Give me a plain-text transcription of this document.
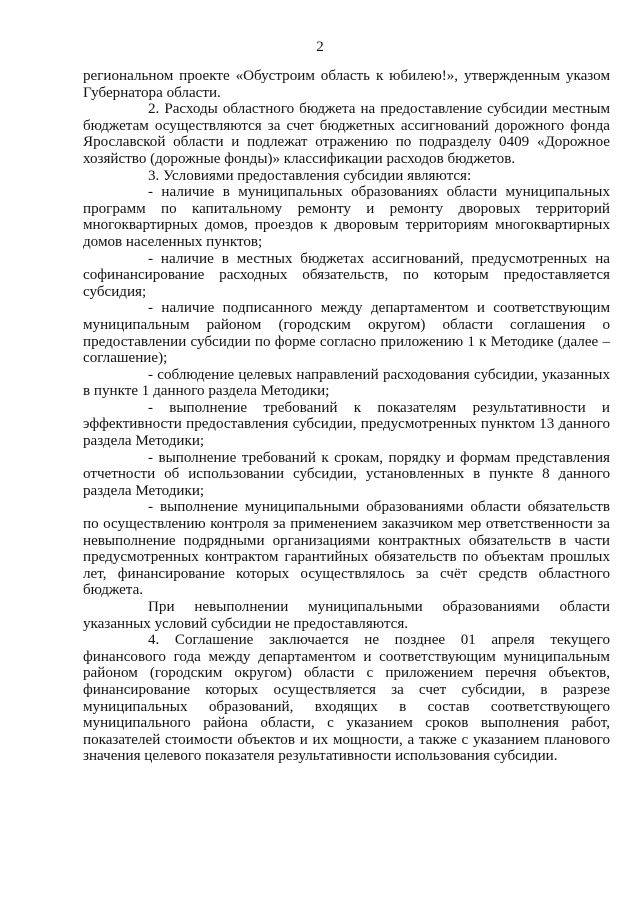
2

региональном проекте «Обустроим область к юбилею!», утвержденным указом Губернатора области.

2. Расходы областного бюджета на предоставление субсидии местным бюджетам осуществляются за счет бюджетных ассигнований дорожного фонда Ярославской области и подлежат отражению по подразделу 0409 «Дорожное хозяйство (дорожные фонды)» классификации расходов бюджетов.

3. Условиями предоставления субсидии являются:

- наличие в муниципальных образованиях области муниципальных программ по капитальному ремонту и ремонту дворовых территорий многоквартирных домов, проездов к дворовым территориям многоквартирных домов населенных пунктов;

- наличие в местных бюджетах ассигнований, предусмотренных на софинансирование расходных обязательств, по которым предоставляется субсидия;

- наличие подписанного между департаментом и соответствующим муниципальным районом (городским округом) области соглашения о предоставлении субсидии по форме согласно приложению 1 к Методике (далее – соглашение);

- соблюдение целевых направлений расходования субсидии, указанных в пункте 1 данного раздела Методики;

- выполнение требований к показателям результативности и эффективности предоставления субсидии, предусмотренных пунктом 13 данного раздела Методики;

- выполнение требований к срокам, порядку и формам представления отчетности об использовании субсидии, установленных в пункте 8 данного раздела Методики;

- выполнение муниципальными образованиями области обязательств по осуществлению контроля за применением заказчиком мер ответственности за невыполнение подрядными организациями контрактных обязательств в части предусмотренных контрактом гарантийных обязательств по объектам прошлых лет, финансирование которых осуществлялось за счёт средств областного бюджета.

При невыполнении муниципальными образованиями области указанных условий субсидии не предоставляются.

4. Соглашение заключается не позднее 01 апреля текущего финансового года между департаментом и соответствующим муниципальным районом (городским округом) области с приложением перечня объектов, финансирование которых осуществляется за счет субсидии, в разрезе муниципальных образований, входящих в состав соответствующего муниципального района области, с указанием сроков выполнения работ, показателей стоимости объектов и их мощности, а также с указанием планового значения целевого показателя результативности использования субсидии.
